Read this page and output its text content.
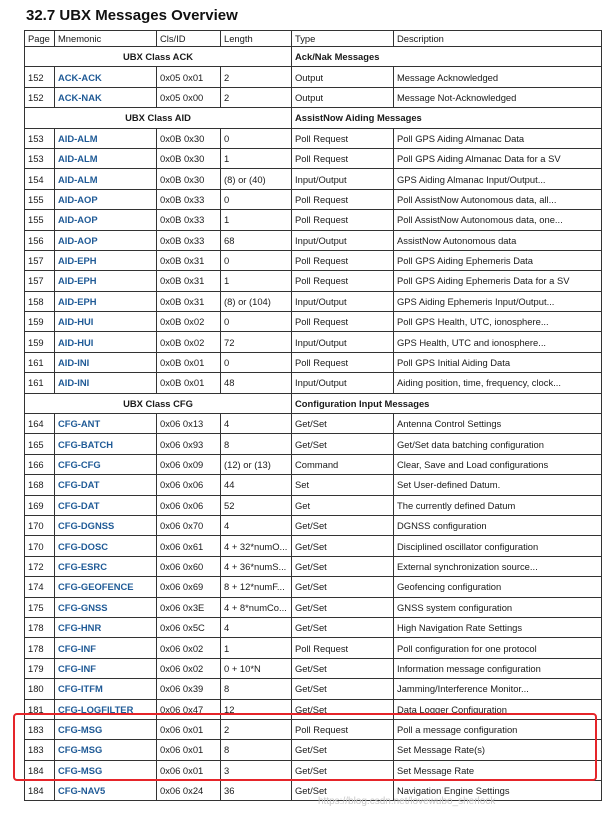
32.7 UBX Messages Overview
Page	Mnemonic	Cls/ID	Length	Type	Description
UBX Class ACK				Ack/Nak Messages	
152	ACK-ACK	0x05 0x01	2	Output	Message Acknowledged
152	ACK-NAK	0x05 0x00	2	Output	Message Not-Acknowledged
UBX Class AID				AssistNow Aiding Messages	
153	AID-ALM	0x0B 0x30	0	Poll Request	Poll GPS Aiding Almanac Data
153	AID-ALM	0x0B 0x30	1	Poll Request	Poll GPS Aiding Almanac Data for a SV
154	AID-ALM	0x0B 0x30	(8) or (40)	Input/Output	GPS Aiding Almanac Input/Output...
155	AID-AOP	0x0B 0x33	0	Poll Request	Poll AssistNow Autonomous data, all...
155	AID-AOP	0x0B 0x33	1	Poll Request	Poll AssistNow Autonomous data, one...
156	AID-AOP	0x0B 0x33	68	Input/Output	AssistNow Autonomous data
157	AID-EPH	0x0B 0x31	0	Poll Request	Poll GPS Aiding Ephemeris Data
157	AID-EPH	0x0B 0x31	1	Poll Request	Poll GPS Aiding Ephemeris Data for a SV
158	AID-EPH	0x0B 0x31	(8) or (104)	Input/Output	GPS Aiding Ephemeris Input/Output...
159	AID-HUI	0x0B 0x02	0	Poll Request	Poll GPS Health, UTC, ionosphere...
159	AID-HUI	0x0B 0x02	72	Input/Output	GPS Health, UTC and ionosphere...
161	AID-INI	0x0B 0x01	0	Poll Request	Poll GPS Initial Aiding Data
161	AID-INI	0x0B 0x01	48	Input/Output	Aiding position, time, frequency, clock...
UBX Class CFG				Configuration Input Messages	
164	CFG-ANT	0x06 0x13	4	Get/Set	Antenna Control Settings
165	CFG-BATCH	0x06 0x93	8	Get/Set	Get/Set data batching configuration
166	CFG-CFG	0x06 0x09	(12) or (13)	Command	Clear, Save and Load configurations
168	CFG-DAT	0x06 0x06	44	Set	Set User-defined Datum.
169	CFG-DAT	0x06 0x06	52	Get	The currently defined Datum
170	CFG-DGNSS	0x06 0x70	4	Get/Set	DGNSS configuration
170	CFG-DOSC	0x06 0x61	4 + 32*numO...	Get/Set	Disciplined oscillator configuration
172	CFG-ESRC	0x06 0x60	4 + 36*numS...	Get/Set	External synchronization source...
174	CFG-GEOFENCE	0x06 0x69	8 + 12*numF...	Get/Set	Geofencing configuration
175	CFG-GNSS	0x06 0x3E	4 + 8*numCo...	Get/Set	GNSS system configuration
178	CFG-HNR	0x06 0x5C	4	Get/Set	High Navigation Rate Settings
178	CFG-INF	0x06 0x02	1	Poll Request	Poll configuration for one protocol
179	CFG-INF	0x06 0x02	0 + 10*N	Get/Set	Information message configuration
180	CFG-ITFM	0x06 0x39	8	Get/Set	Jamming/Interference Monitor...
181	CFG-LOGFILTER	0x06 0x47	12	Get/Set	Data Logger Configuration
183	CFG-MSG	0x06 0x01	2	Poll Request	Poll a message configuration
183	CFG-MSG	0x06 0x01	8	Get/Set	Set Message Rate(s)
184	CFG-MSG	0x06 0x01	3	Get/Set	Set Message Rate
184	CFG-NAV5	0x06 0x24	36	Get/Set	Navigation Engine Settings
https://blog.csdn.net/lovewubo_sherlock
